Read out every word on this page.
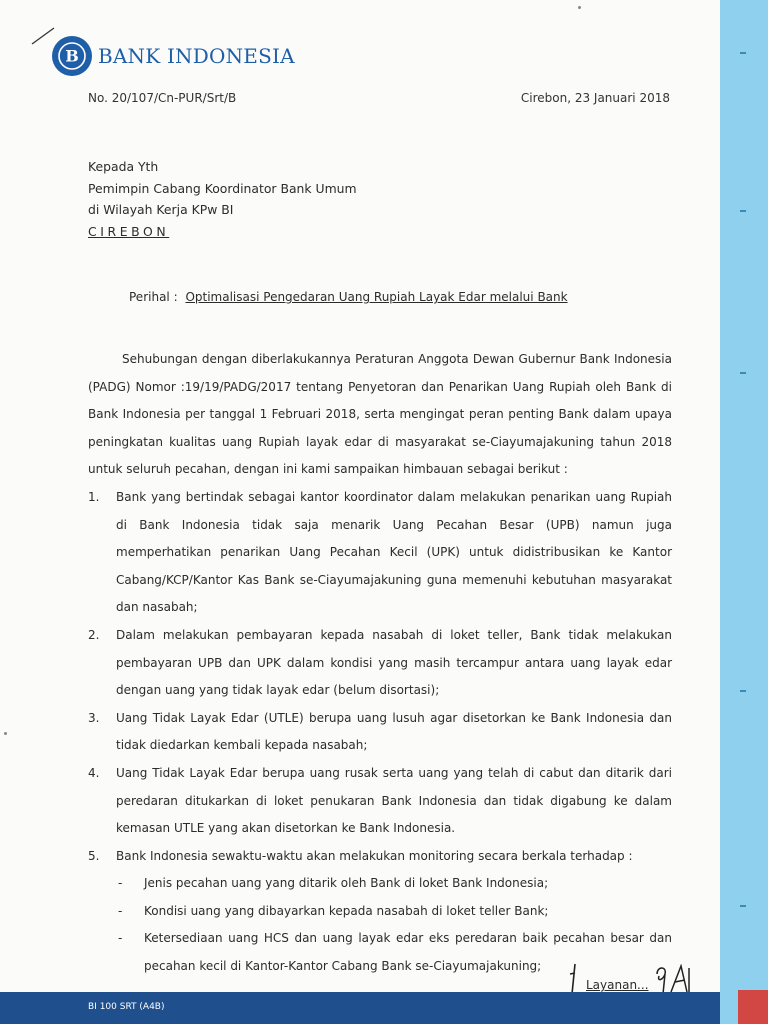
B BANK INDONESIA
No. 20/107/Cn-PUR/Srt/B	Cirebon, 23 Januari 2018
Kepada Yth
Pemimpin Cabang Koordinator Bank Umum
di Wilayah Kerja KPw BI
CIREBON
Perihal : Optimalisasi Pengedaran Uang Rupiah Layak Edar melalui Bank

Sehubungan dengan diberlakukannya Peraturan Anggota Dewan Gubernur Bank Indonesia (PADG) Nomor :19/19/PADG/2017 tentang Penyetoran dan Penarikan Uang Rupiah oleh Bank di Bank Indonesia per tanggal 1 Februari 2018, serta mengingat peran penting Bank dalam upaya peningkatan kualitas uang Rupiah layak edar di masyarakat se-Ciayumajakuning tahun 2018 untuk seluruh pecahan, dengan ini kami sampaikan himbauan sebagai berikut :

1. Bank yang bertindak sebagai kantor koordinator dalam melakukan penarikan uang Rupiah di Bank Indonesia tidak saja menarik Uang Pecahan Besar (UPB) namun juga memperhatikan penarikan Uang Pecahan Kecil (UPK) untuk didistribusikan ke Kantor Cabang/KCP/Kantor Kas Bank se-Ciayumajakuning guna memenuhi kebutuhan masyarakat dan nasabah;
2. Dalam melakukan pembayaran kepada nasabah di loket teller, Bank tidak melakukan pembayaran UPB dan UPK dalam kondisi yang masih tercampur antara uang layak edar dengan uang yang tidak layak edar (belum disortasi);
3. Uang Tidak Layak Edar (UTLE) berupa uang lusuh agar disetorkan ke Bank Indonesia dan tidak diedarkan kembali kepada nasabah;
4. Uang Tidak Layak Edar berupa uang rusak serta uang yang telah di cabut dan ditarik dari peredaran ditukarkan di loket penukaran Bank Indonesia dan tidak digabung ke dalam kemasan UTLE yang akan disetorkan ke Bank Indonesia.
5. Bank Indonesia sewaktu-waktu akan melakukan monitoring secara berkala terhadap :
- Jenis pecahan uang yang ditarik oleh Bank di loket Bank Indonesia;
- Kondisi uang yang dibayarkan kepada nasabah di loket teller Bank;
- Ketersediaan uang HCS dan uang layak edar eks peredaran baik pecahan besar dan pecahan kecil di Kantor-Kantor Cabang Bank se-Ciayumajakuning;
Layanan...
BI 100 SRT (A4B)
